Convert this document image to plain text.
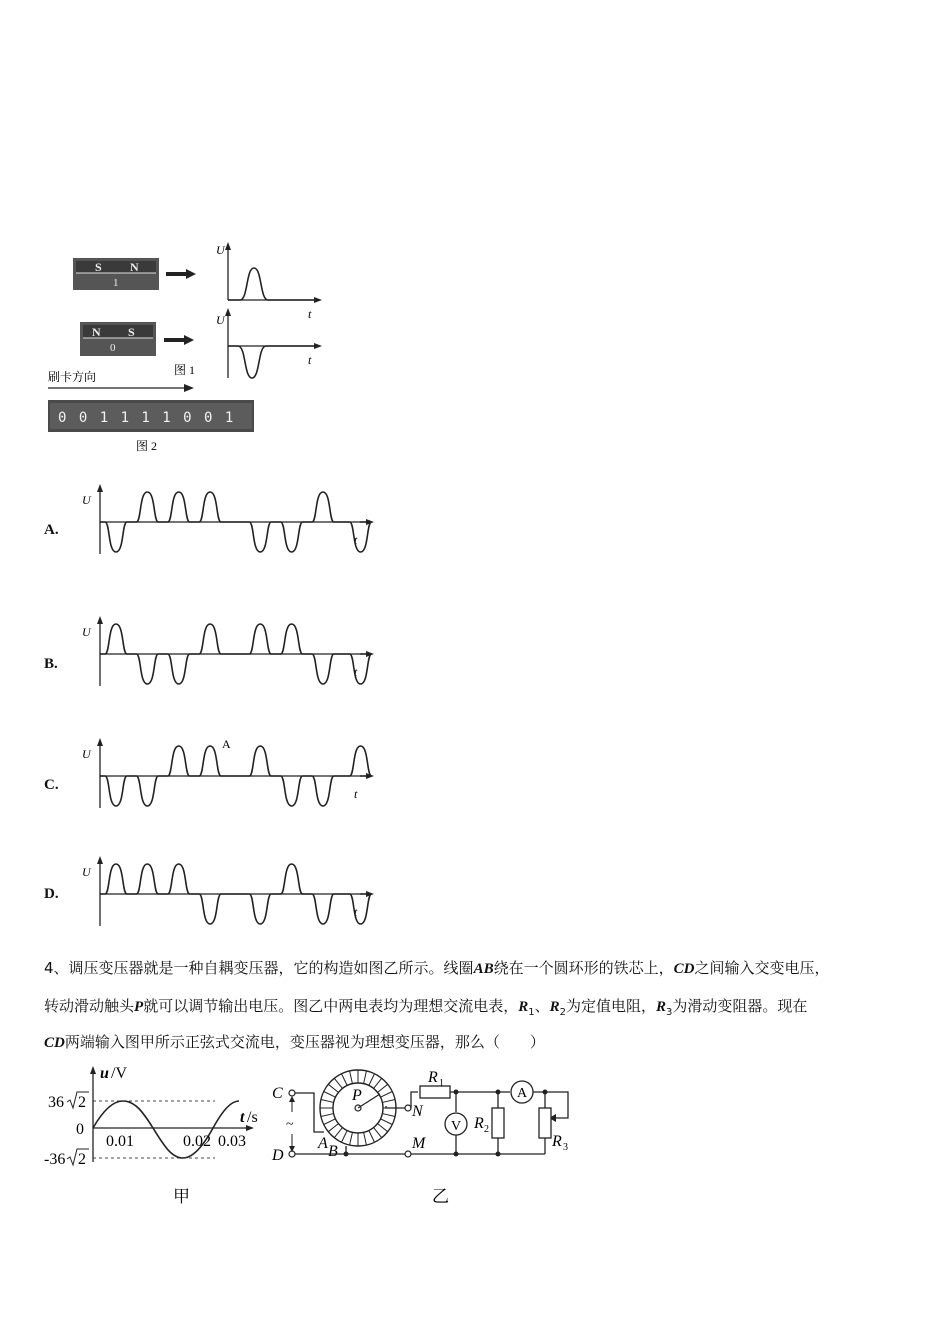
S N
1
U
t
N S
0
U
t
图 1
刷卡方向
0 0 1 1 1 1 0 0 1
图 2
A.
U
t
B.
U
t
C.
U
t
A
D.
U
t
4、调压变压器就是一种自耦变压器，它的构造如图乙所示。线圈AB绕在一个圆环形的铁芯上，CD之间输入交变电压，
转动滑动触头P就可以调节输出电压。图乙中两电表均为理想交流电表，$R_1$、$R_2$为定值电阻，$R_3$为滑动变阻器。现在
CD两端输入图甲所示正弦式交流电，变压器视为理想变压器，那么（　　）
u /V
t /s
36 2
0
-36 2
0.01	0.02 0.03
甲
C
D
~
P
A B	M
N
R 1
V R 2
A
R 3
乙
